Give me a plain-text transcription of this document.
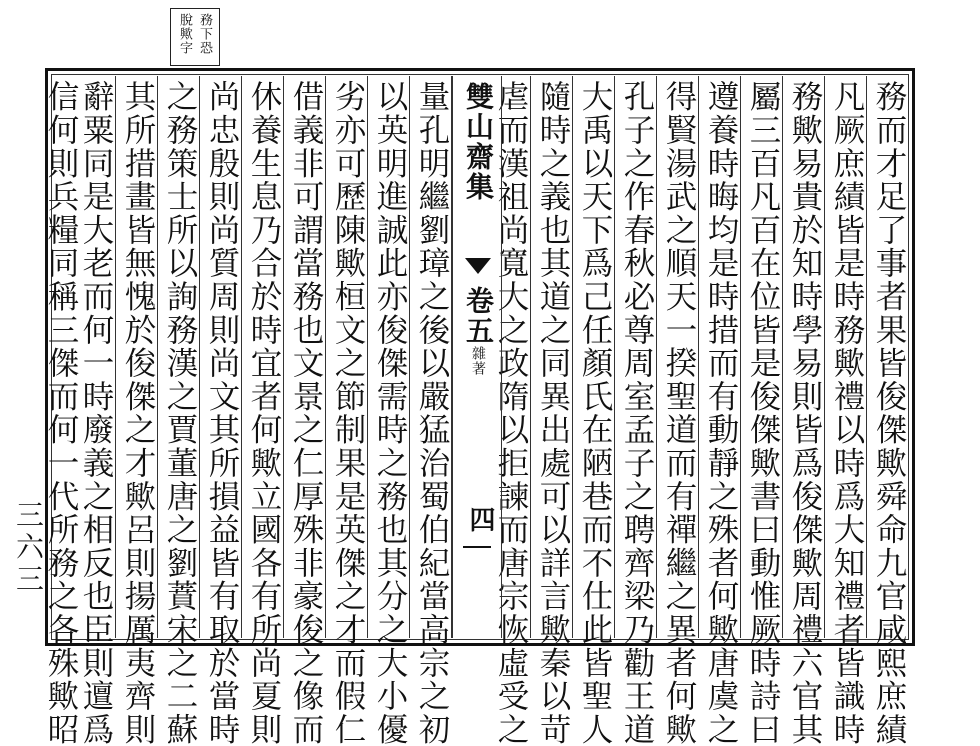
務下恐
脫歟字
務而才足了事者果皆俊傑歟舜命九官咸熙庶績
凡厥庶績皆是時務歟禮以時爲大知禮者皆識時
務歟易貴於知時學易則皆爲俊傑歟周禮六官其
屬三百凡百在位皆是俊傑歟書曰動惟厥時詩曰
遵養時晦均是時措而有動靜之殊者何歟唐虞之
得賢湯武之順天一揆聖道而有禪繼之異者何歟
孔子之作春秋必尊周室孟子之聘齊梁乃勸王道
大禹以天下爲己任顏氏在陋巷而不仕此皆聖人
隨時之義也其道之同異出處可以詳言歟秦以苛
虐而漢祖尚寬大之政隋以拒諫而唐宗恢虛受之
雙山齋集
卷五
雜著
四
量孔明繼劉璋之後以嚴猛治蜀伯紀當高宗之初
以英明進誠此亦俊傑需時之務也其分之大小優
劣亦可歷陳歟桓文之節制果是英傑之才而假仁
借義非可謂當務也文景之仁厚殊非豪俊之像而
休養生息乃合於時宜者何歟立國各有所尚夏則
尚忠殷則尚質周則尚文其所損益皆有取於當時
之務策士所以詢務漢之賈董唐之劉蕡宋之二蘇
其所措畫皆無愧於俊傑之才歟呂則揚厲夷齊則
辭粟同是大老而何一時廢義之相反也臣則邅爲
信何則兵糧同稱三傑而何一代所務之各殊歟昭
三六三
